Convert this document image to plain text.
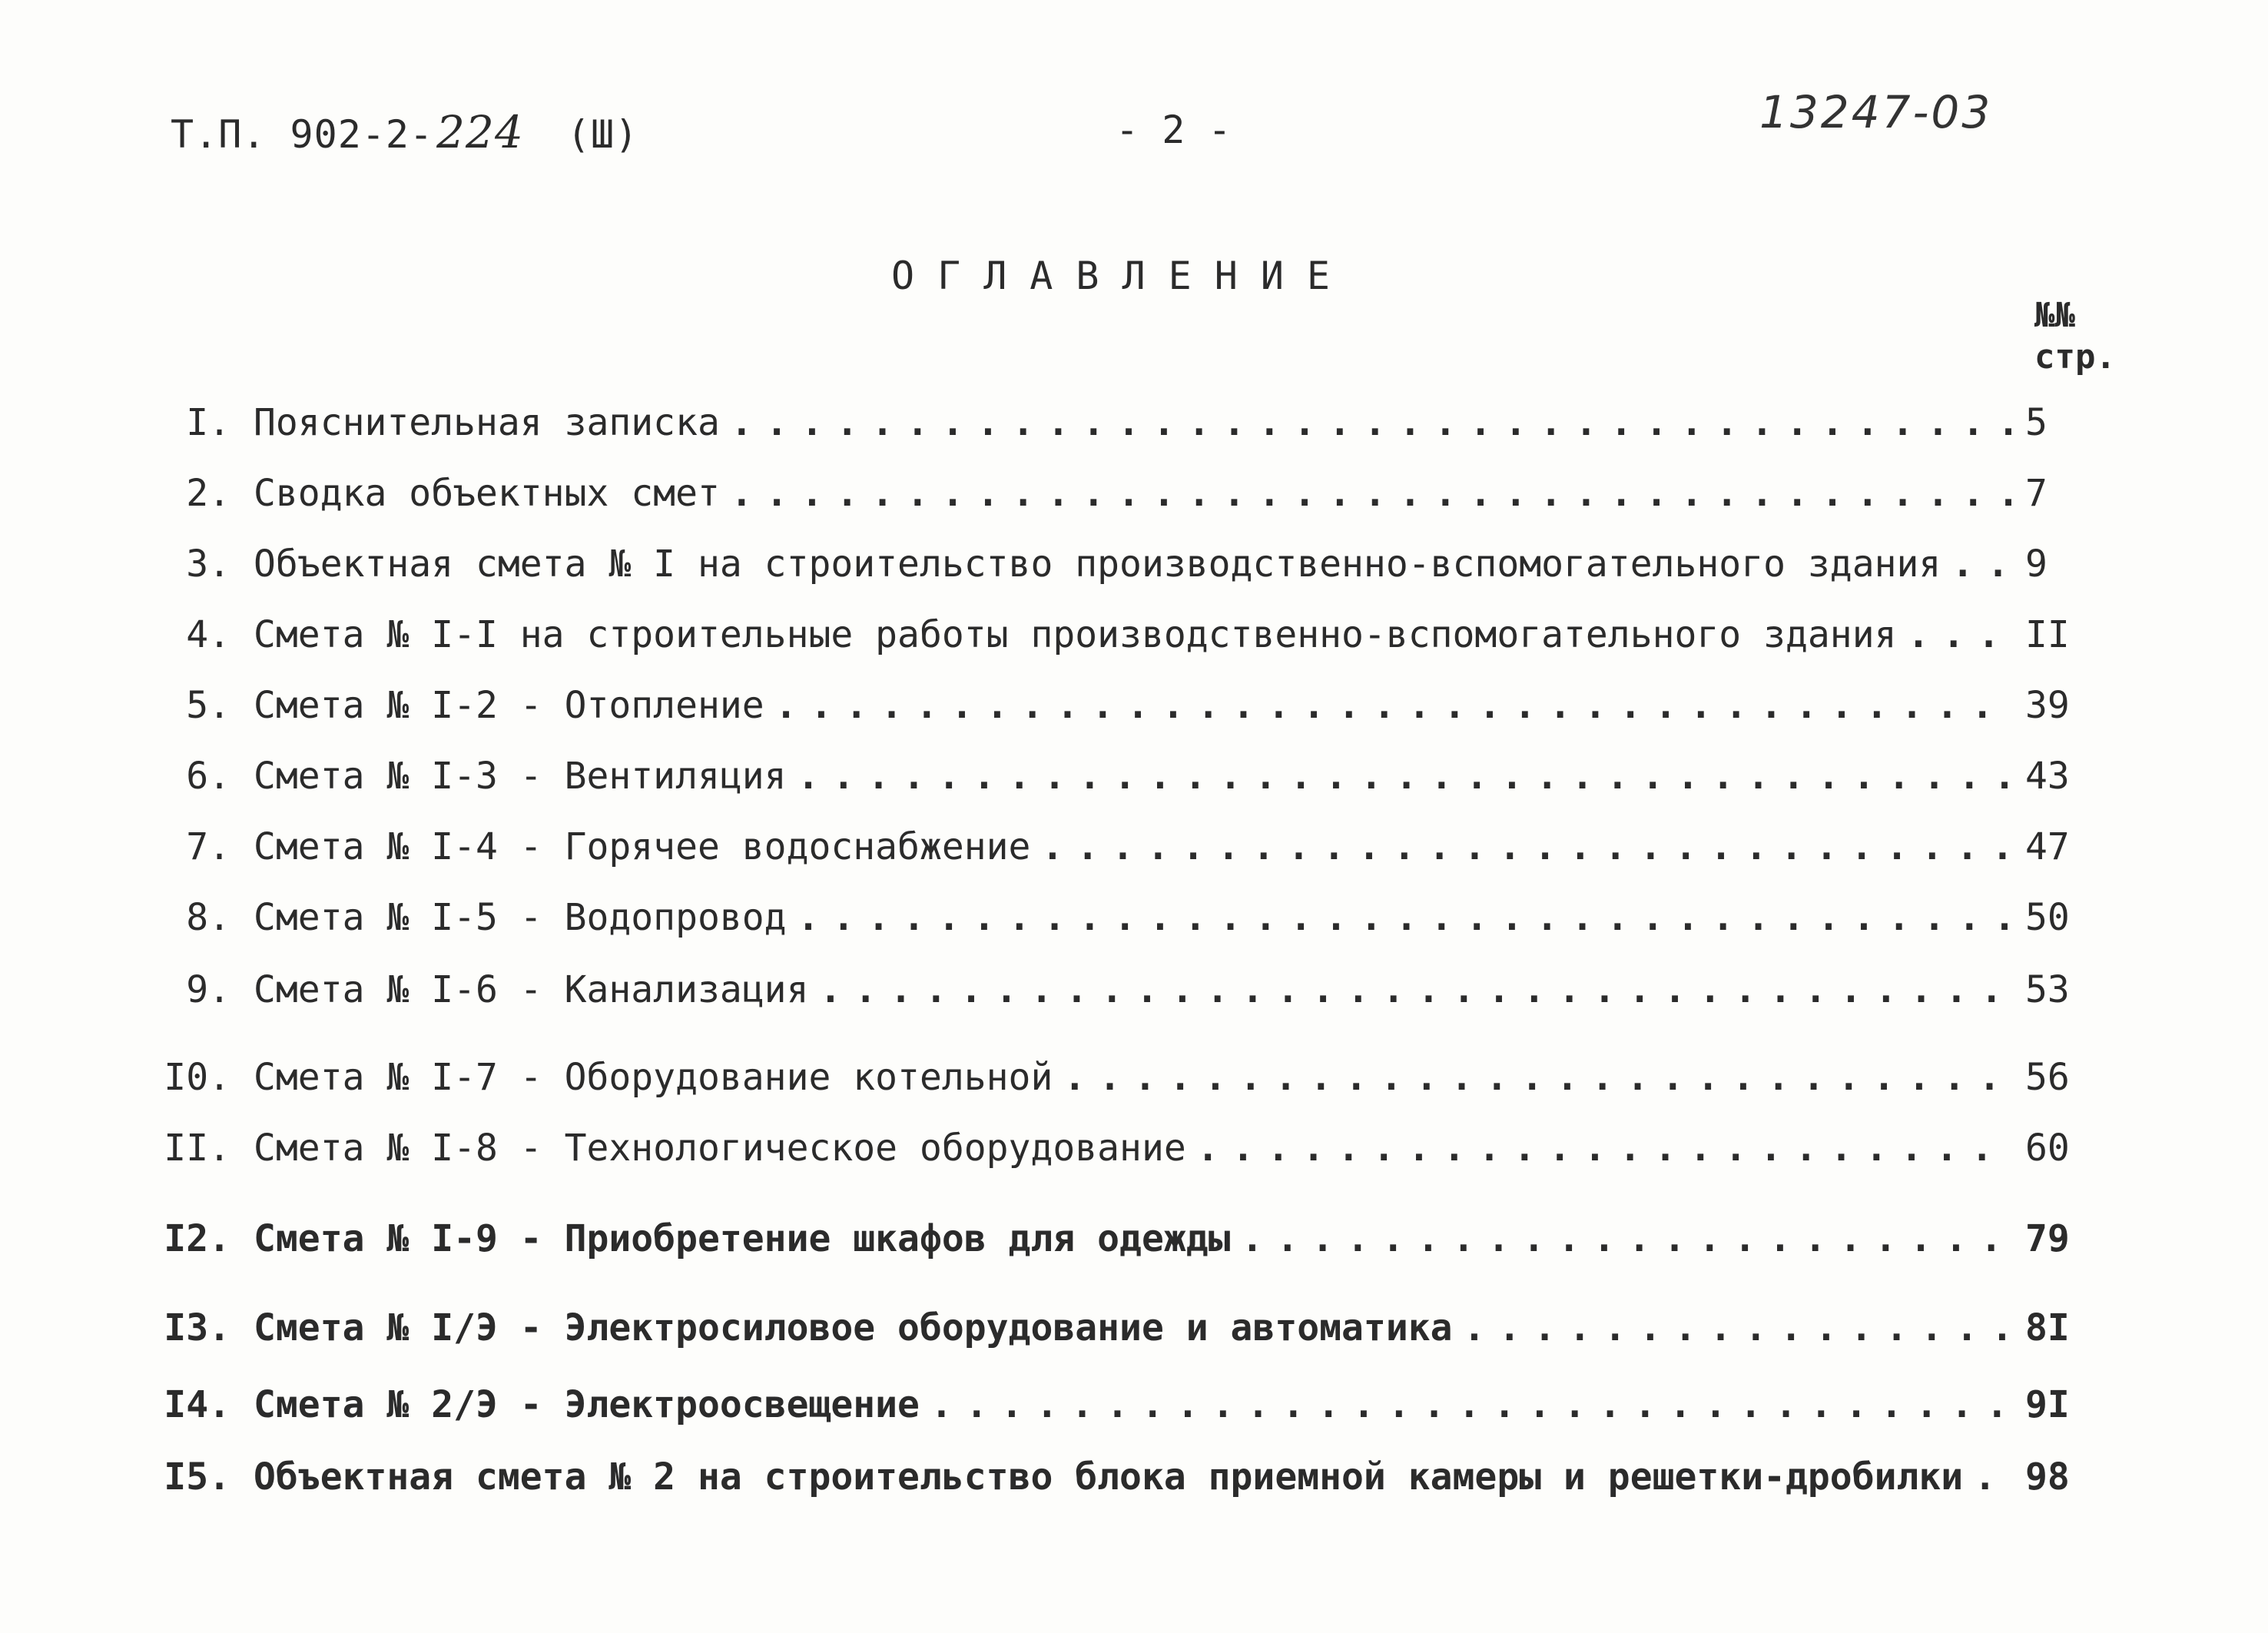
Т.П. 902-2-224 (Ш)	- 2 -	13247-03
ОГЛАВЛЕНИЕ
№№
стр.
I. Пояснительная записка . . .	5
2. Сводка объектных смет . . .	7
3. Объектная смета № I на строительство производственно-вспомогательного здания . . . 9
4. Смета № I-I на строительные работы производственно-вспомогательного здания . . .	II
5. Смета № I-2 - Отопление . . .	39
6. Смета № I-3 - Вентиляция . . .	43
7. Смета № I-4 - Горячее водоснабжение . . .	47
8. Смета № I-5 - Водопровод . . .	50
9. Смета № I-6 - Канализация . . .	53
I0. Смета № I-7 - Оборудование котельной . . .	56
II. Смета № I-8 - Технологическое оборудование . . .	60
I2. Смета № I-9 - Приобретение шкафов для одежды . . .	79
I3. Смета № I/Э - Электросиловое оборудование и автоматика . . .	8I
I4. Смета № 2/Э - Электроосвещение . . .	9I
I5. Объектная смета № 2 на строительство блока приемной камеры и решетки-дробилки . . . 98
